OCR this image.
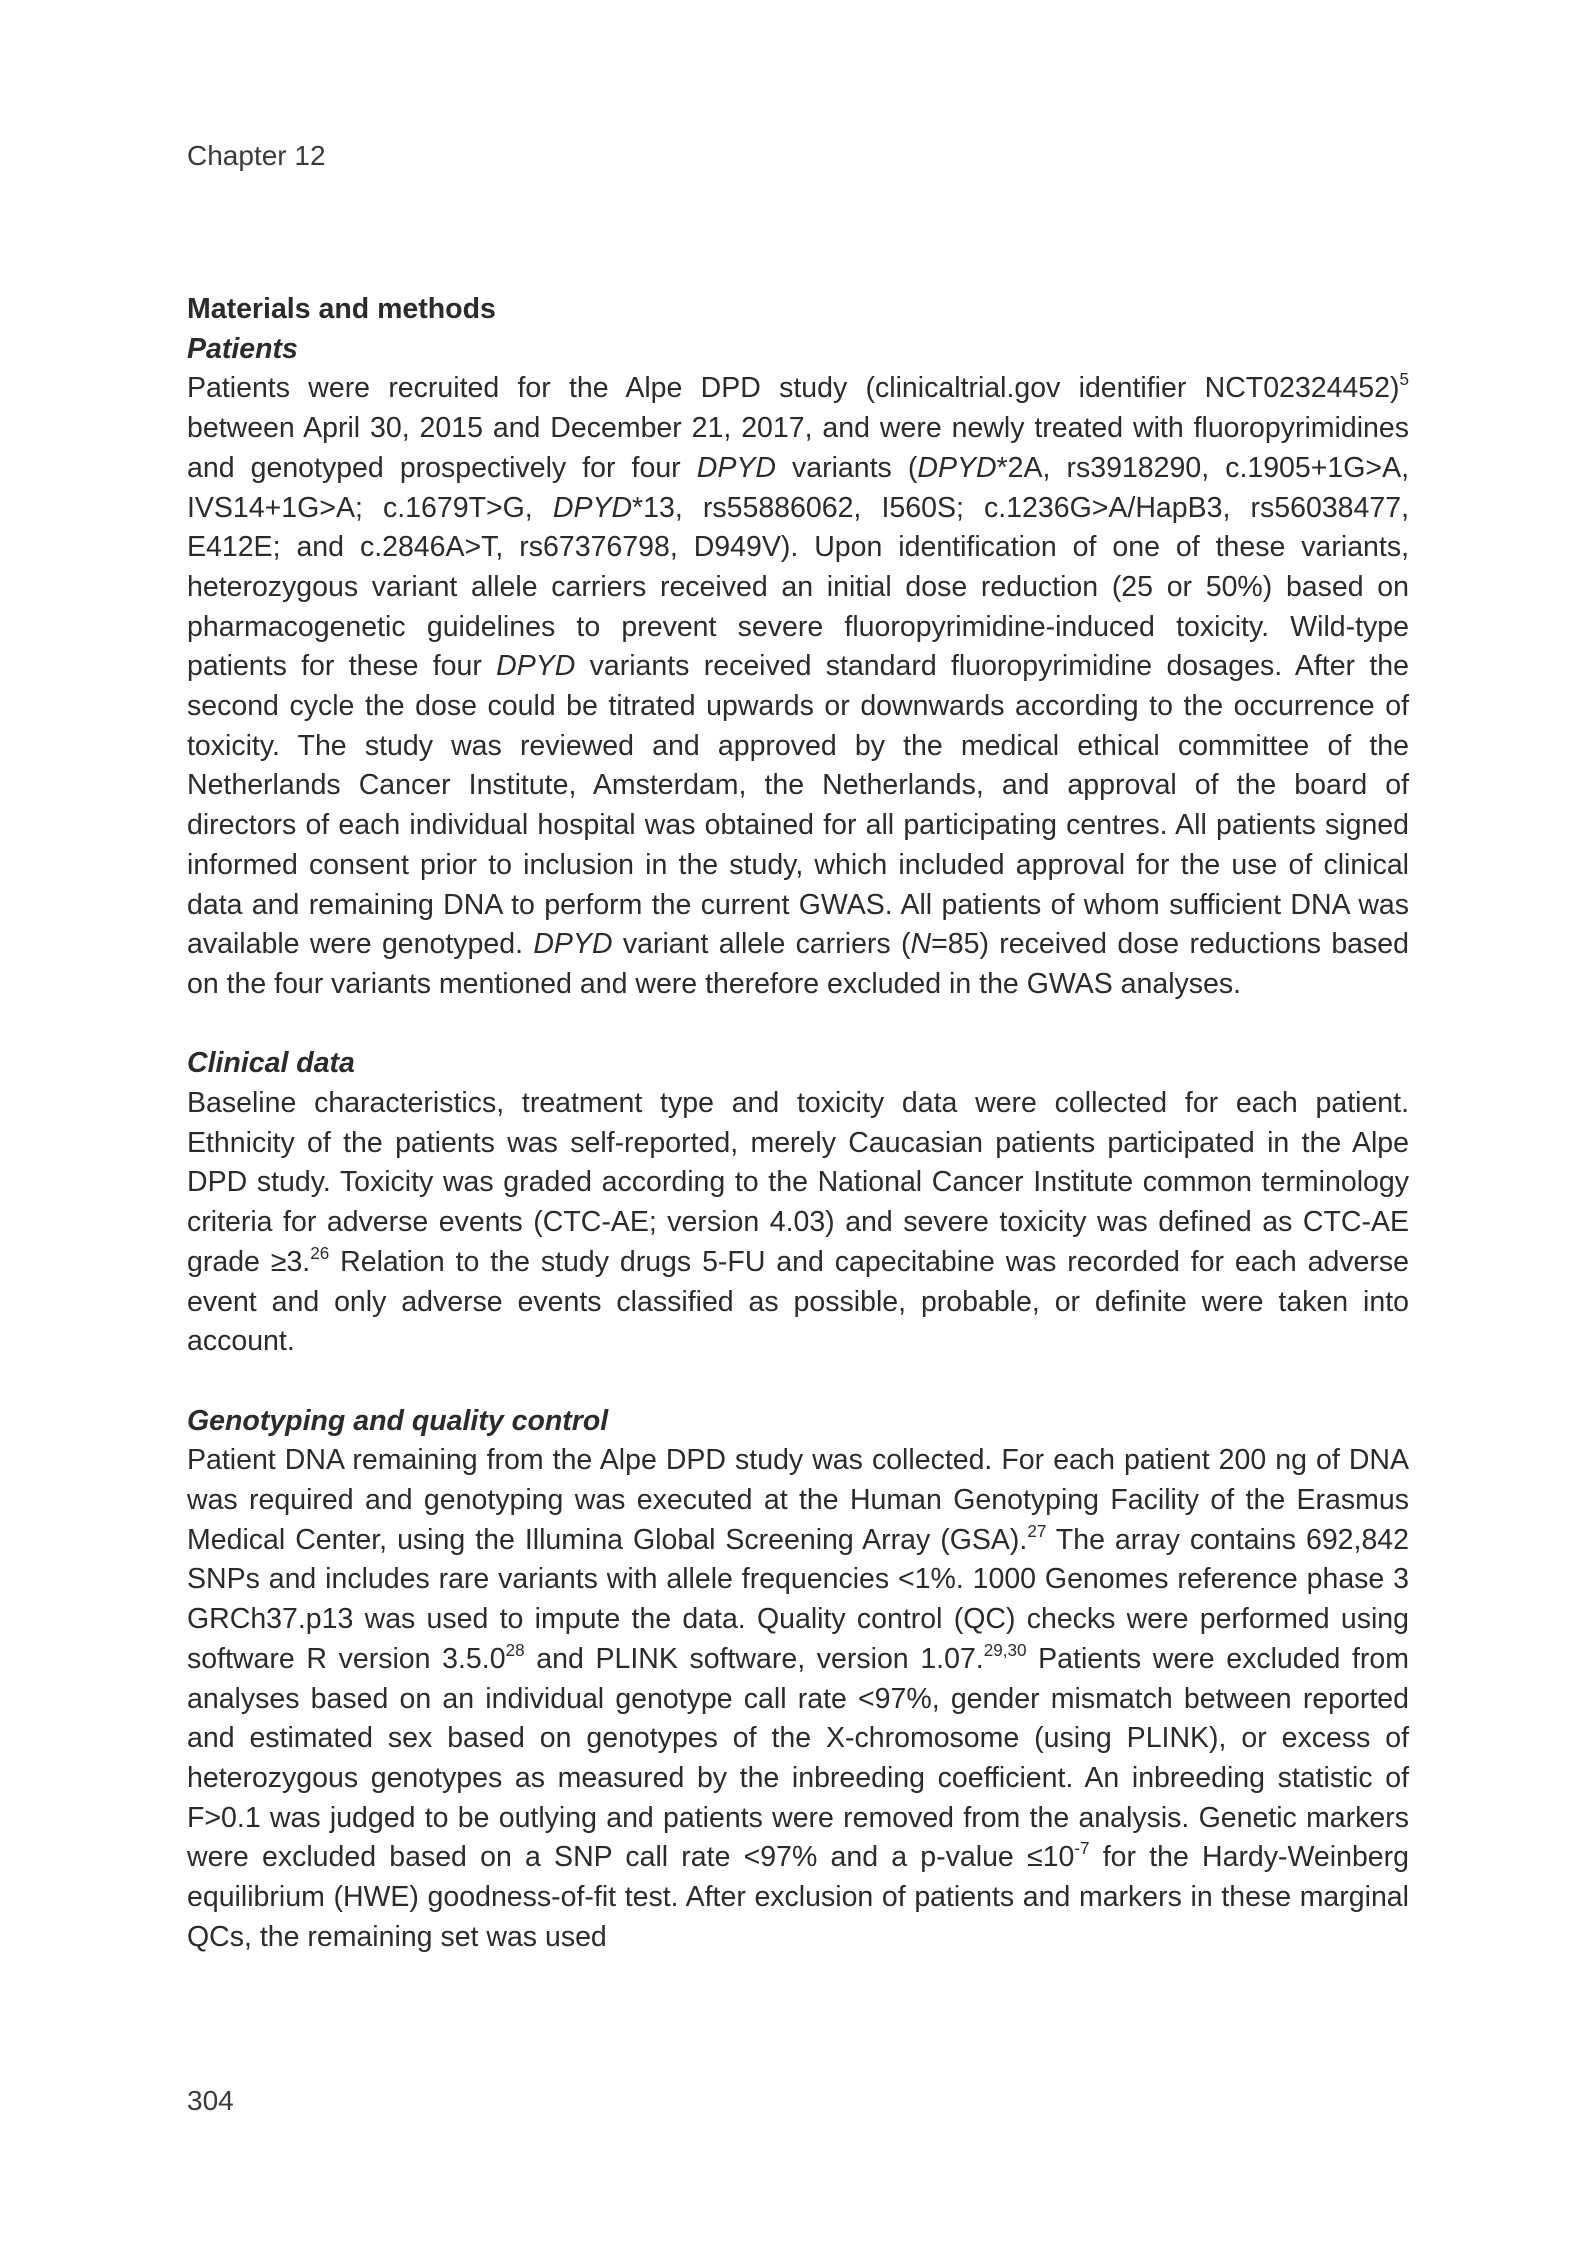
Chapter 12

Materials and methods

Patients

Patients were recruited for the Alpe DPD study (clinicaltrial.gov identifier NCT02324452)$^5$ between April 30, 2015 and December 21, 2017, and were newly treated with fluoropyrimidines and genotyped prospectively for four DPYD variants (DPYD*2A, rs3918290, c.1905+1G>A, IVS14+1G>A; c.1679T>G, DPYD*13, rs55886062, I560S; c.1236G>A/HapB3, rs56038477, E412E; and c.2846A>T, rs67376798, D949V). Upon identification of one of these variants, heterozygous variant allele carriers received an initial dose reduction (25 or 50%) based on pharmacogenetic guidelines to prevent severe fluoropyrimidine-induced toxicity. Wild-type patients for these four DPYD variants received standard fluoropyrimidine dosages. After the second cycle the dose could be titrated upwards or downwards according to the occurrence of toxicity. The study was reviewed and approved by the medical ethical committee of the Netherlands Cancer Institute, Amsterdam, the Netherlands, and approval of the board of directors of each individual hospital was obtained for all participating centres. All patients signed informed consent prior to inclusion in the study, which included approval for the use of clinical data and remaining DNA to perform the current GWAS. All patients of whom sufficient DNA was available were genotyped. DPYD variant allele carriers (N=85) received dose reductions based on the four variants mentioned and were therefore excluded in the GWAS analyses.

Clinical data

Baseline characteristics, treatment type and toxicity data were collected for each patient. Ethnicity of the patients was self-reported, merely Caucasian patients participated in the Alpe DPD study. Toxicity was graded according to the National Cancer Institute common terminology criteria for adverse events (CTC-AE; version 4.03) and severe toxicity was defined as CTC-AE grade ≥3.26 Relation to the study drugs 5-FU and capecitabine was recorded for each adverse event and only adverse events classified as possible, probable, or definite were taken into account.

Genotyping and quality control

Patient DNA remaining from the Alpe DPD study was collected. For each patient 200 ng of DNA was required and genotyping was executed at the Human Genotyping Facility of the Erasmus Medical Center, using the Illumina Global Screening Array (GSA).$^{27}$ The array contains 692,842 SNPs and includes rare variants with allele frequencies <1%. 1000 Genomes reference phase 3 GRCh37.p13 was used to impute the data. Quality control (QC) checks were performed using software R version 3.5.0$^{28}$ and PLINK software, version 1.07.$^{29,30}$ Patients were excluded from analyses based on an individual genotype call rate <97%, gender mismatch between reported and estimated sex based on genotypes of the X-chromosome (using PLINK), or excess of heterozygous genotypes as measured by the inbreeding coefficient. An inbreeding statistic of F>0.1 was judged to be outlying and patients were removed from the analysis. Genetic markers were excluded based on a SNP call rate <97% and a p-value $\le 10^{-7}$ for the Hardy-Weinberg equilibrium (HWE) goodness-of-fit test. After exclusion of patients and markers in these marginal QCs, the remaining set was used

304
